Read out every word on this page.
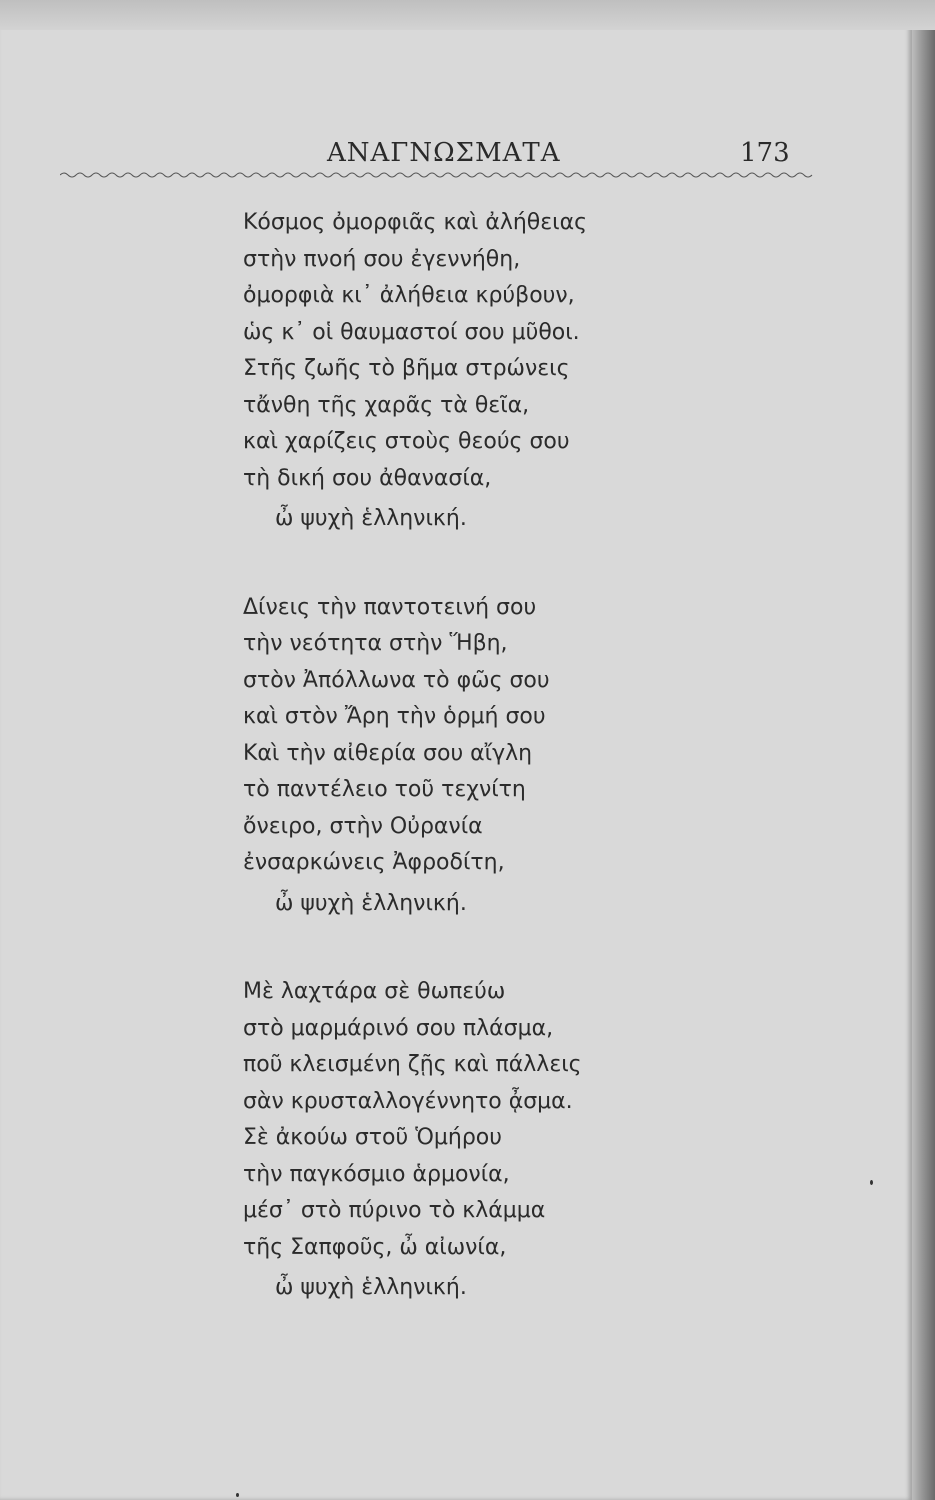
ΑΝΑΓΝΩΣΜΑΤΑ	173
Κόσμος ὀμορφιᾶς καὶ ἀλήθειας
στὴν πνοή σου ἐγεννήθη,
ὀμορφιὰ κι᾽ ἀλήθεια κρύβουν,
ὡς κ᾽ οἱ θαυμαστοί σου μῦθοι.
Στῆς ζωῆς τὸ βῆμα στρώνεις
τἄνθη τῆς χαρᾶς τὰ θεῖα,
καὶ χαρίζεις στοὺς θεούς σου
τὴ δική σου ἀθανασία,
ὦ ψυχὴ ἑλληνική.
Δίνεις τὴν παντοτεινή σου
τὴν νεότητα στὴν Ἥβη,
στὸν Ἀπόλλωνα τὸ φῶς σου
καὶ στὸν Ἄρη τὴν ὁρμή σου
Καὶ τὴν αἰθερία σου αἴγλη
τὸ παντέλειο τοῦ τεχνίτη
ὄνειρο, στὴν Οὐρανία
ἐνσαρκώνεις Ἀφροδίτη,
ὦ ψυχὴ ἑλληνική.
Μὲ λαχτάρα σὲ θωπεύω
στὸ μαρμάρινό σου πλάσμα,
ποῦ κλεισμένη ζῇς καὶ πάλλεις
σὰν κρυσταλλογέννητο ᾆσμα.
Σὲ ἀκούω στοῦ Ὁμήρου
τὴν παγκόσμιο ἁρμονία,
μέσ᾽ στὸ πύρινο τὸ κλάμμα
τῆς Σαπφοῦς, ὦ αἰωνία,
ὦ ψυχὴ ἑλληνική.
